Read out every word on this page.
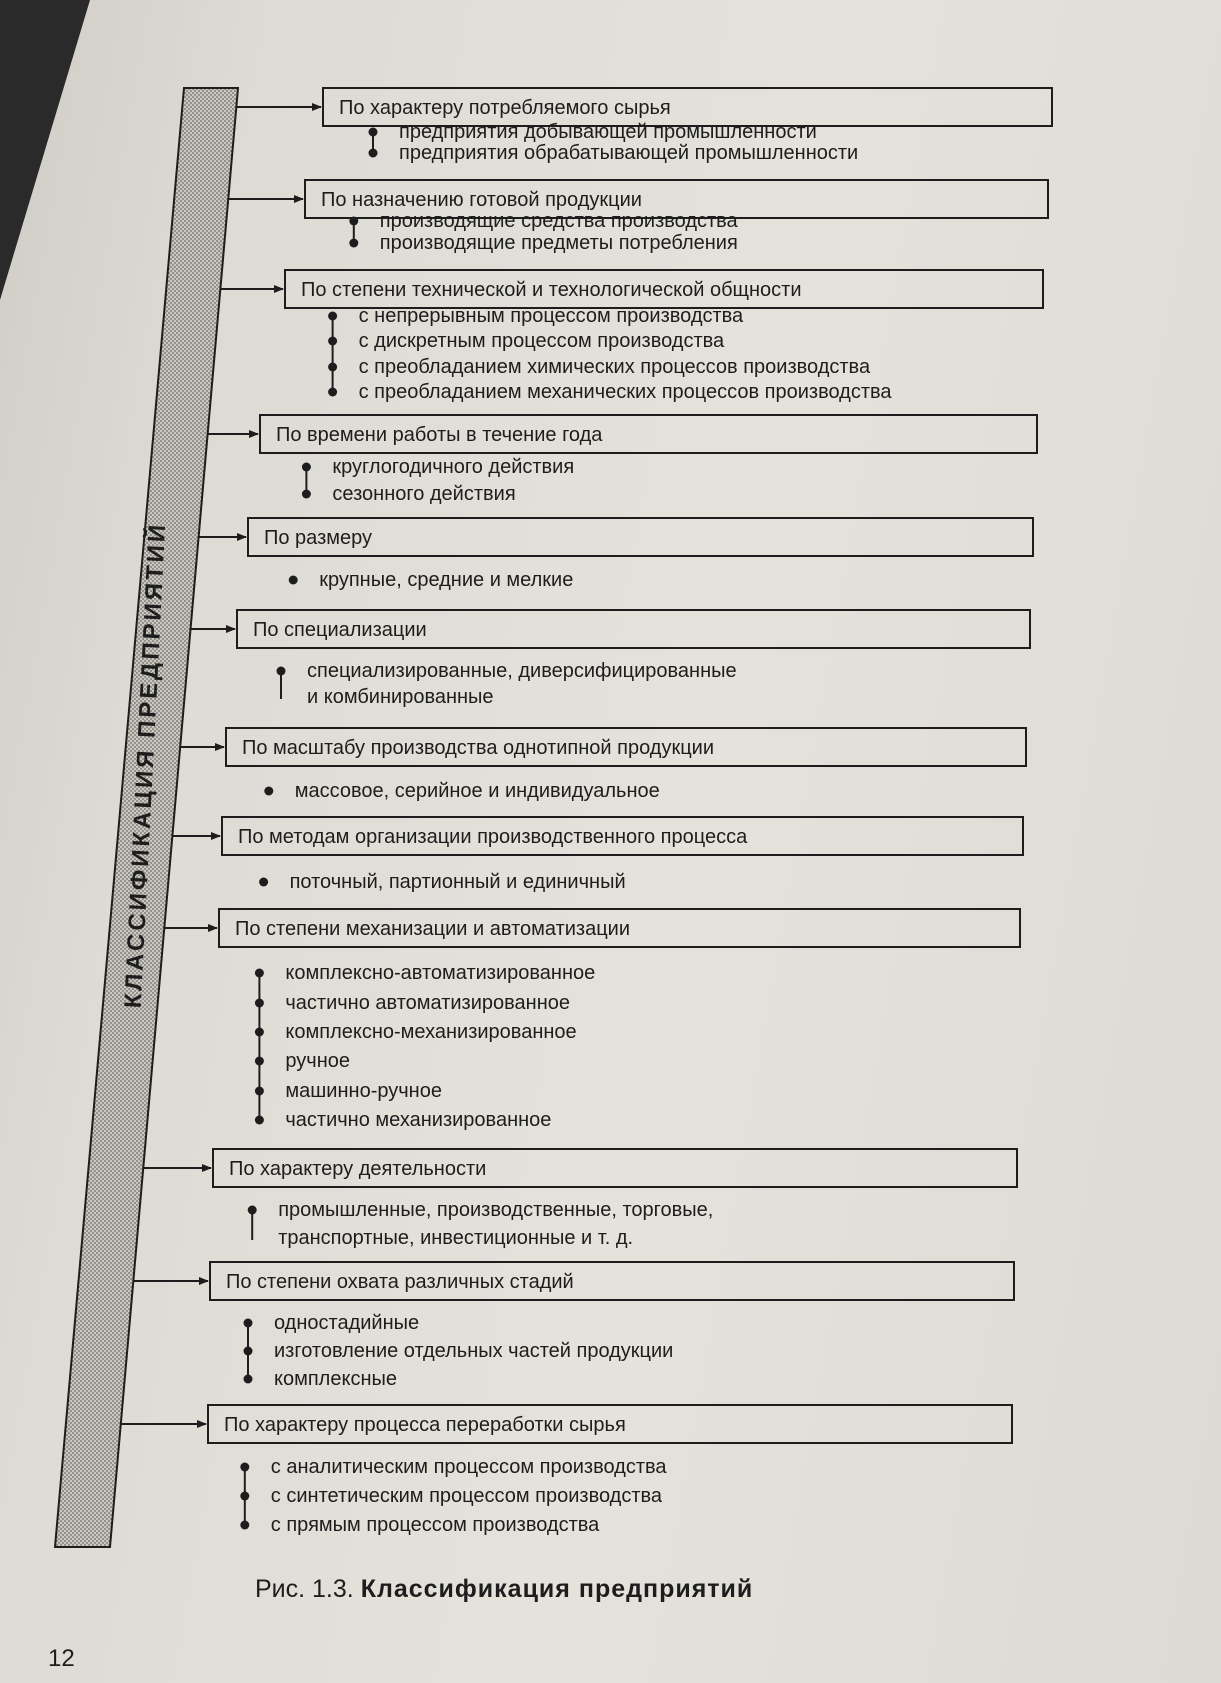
КЛАССИФИКАЦИЯ ПРЕДПРИЯТИЙ
По характеру потребляемого сырья
предприятия добывающей промышленности
предприятия обрабатывающей промышленности
По назначению готовой продукции
производящие средства производства
производящие предметы потребления
По степени технической и технологической общности
с непрерывным процессом производства
с дискретным процессом производства
с преобладанием химических процессов производства
с преобладанием механических процессов производства
По времени работы в течение года
круглогодичного действия
сезонного действия
По размеру
крупные, средние и мелкие
По специализации
специализированные, диверсифицированные
и комбинированные
По масштабу производства однотипной продукции
массовое, серийное и индивидуальное
По методам организации производственного процесса
поточный, партионный и единичный
По степени механизации и автоматизации
комплексно-автоматизированное
частично автоматизированное
комплексно-механизированное
ручное
машинно-ручное
частично механизированное
По характеру деятельности
промышленные, производственные, торговые,
транспортные, инвестиционные и т. д.
По степени охвата различных стадий
одностадийные
изготовление отдельных частей продукции
комплексные
По характеру процесса переработки сырья
с аналитическим процессом производства
с синтетическим процессом производства
с прямым процессом производства
Рис. 1.3. Классификация предприятий
12
